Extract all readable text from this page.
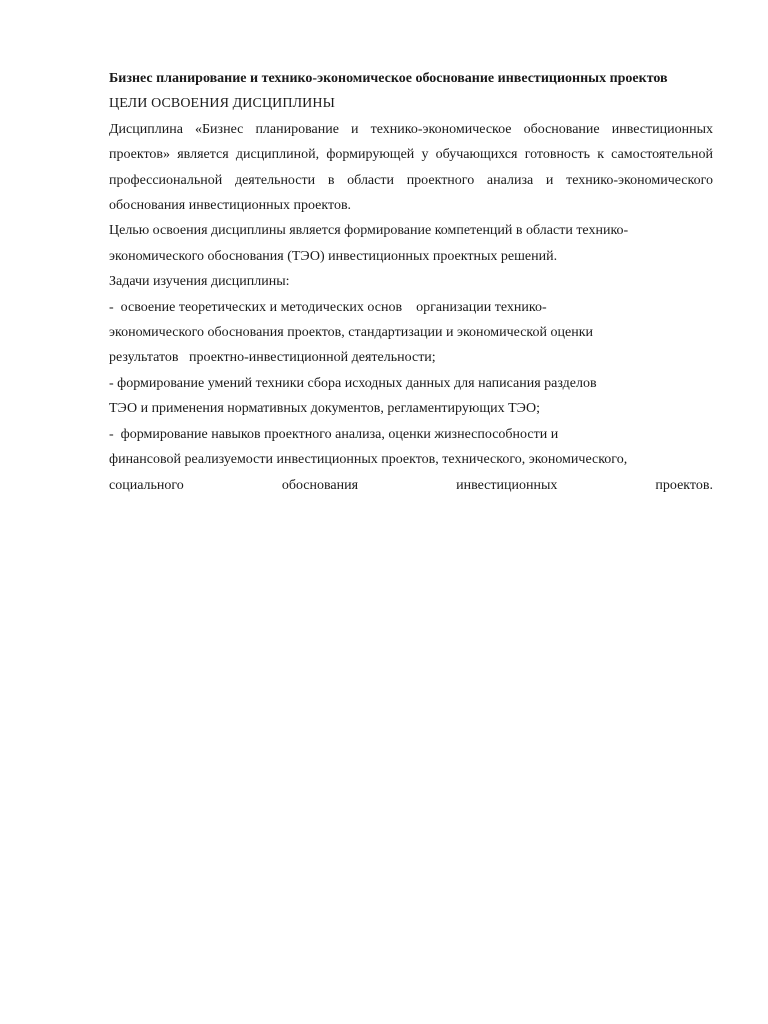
Бизнес планирование и технико-экономическое обоснование инвестиционных проектов

ЦЕЛИ ОСВОЕНИЯ ДИСЦИПЛИНЫ

Дисциплина «Бизнес планирование и технико-экономическое обоснование инвестиционных проектов» является дисциплиной, формирующей у обучающихся готовность к самостоятельной профессиональной деятельности в области проектного анализа и технико-экономического обоснования инвестиционных проектов.

Целью освоения дисциплины является формирование компетенций в области технико-
экономического обоснования (ТЭО) инвестиционных проектных решений.
Задачи изучения дисциплины:
-  освоение теоретических и методических основ    организации технико-
экономического обоснования проектов, стандартизации и экономической оценки
результатов   проектно-инвестиционной деятельности;
- формирование умений техники сбора исходных данных для написания разделов
ТЭО и применения нормативных документов, регламентирующих ТЭО;
-  формирование навыков проектного анализа, оценки жизнеспособности и
финансовой реализуемости инвестиционных проектов, технического, экономического,
социального	обоснования	инвестиционных	проектов.
